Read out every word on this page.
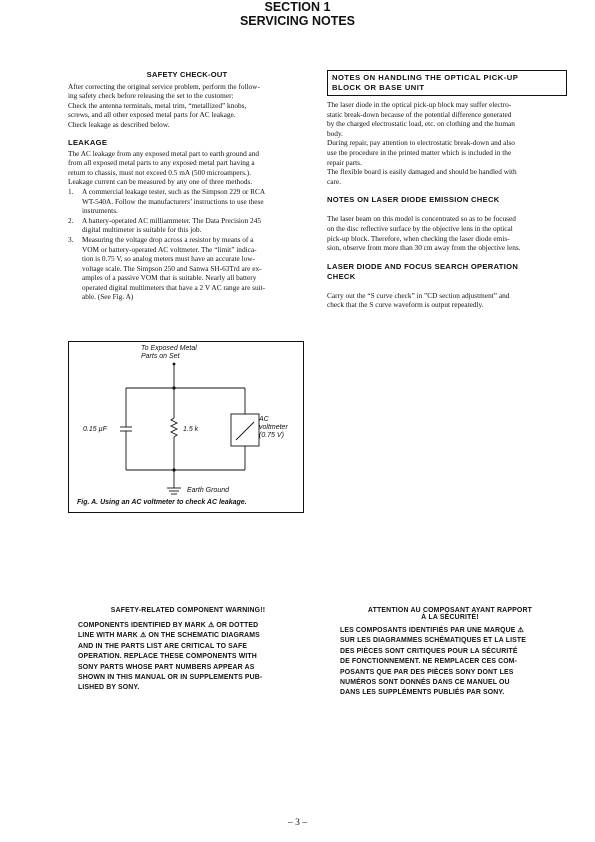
SECTION 1
SERVICING NOTES
SAFETY CHECK-OUT

After correcting the original service problem, perform the follow-

ing safety check before releasing the set to the customer:

Check the antenna terminals, metal trim, “metallized” knobs,

screws, and all other exposed metal parts for AC leakage.

Check leakage as described below.

LEAKAGE

The AC leakage from any exposed metal part to earth ground and

from all exposed metal parts to any exposed metal part having a

return to chassis, must not exceed 0.5 mA (500 microampers.).

Leakage current can be measured by any one of three methods.

1. A commercial leakage tester, such as the Simpson 229 or RCA
WT-540A. Follow the manufacturers’ instructions to use these
instruments.
2. A battery-operated AC milliammeter. The Data Precision 245
digital multimeter is suitable for this job.
3. Measuring the voltage drop across a resistor by means of a
VOM or battery-operated AC voltmeter. The “limit” indica-
tion is 0.75 V, so analog meters must have an accurate low-
voltage scale. The Simpson 250 and Sanwa SH-63Trd are ex-
amples of a passive VOM that is suitable. Nearly all battery
operated digital multimeters that have a 2 V AC range are suit-
able. (See Fig. A)
To Exposed Metal
Parts on Set
0.15 µF	1.5 k
AC
voltmeter
(0.75 V)
Earth Ground
Fig. A. Using an AC voltmeter to check AC leakage.
NOTES ON HANDLING THE OPTICAL PICK-UP
BLOCK OR BASE UNIT

The laser diode in the optical pick-up block may suffer electro-

static break-down because of the potential difference generated

by the charged electrostatic load, etc. on clothing and the human

body.

During repair, pay attention to electrostatic break-down and also

use the procedure in the printed matter which is included in the

repair parts.

The flexible board is easily damaged and should be handled with

care.

NOTES ON LASER DIODE EMISSION CHECK

The laser beam on this model is concentrated so as to be focused

on the disc reflective surface by the objective lens in the optical

pick-up block. Therefore, when checking the laser diode emis-

sion, observe from more than 30 cm away from the objective lens.

LASER DIODE AND FOCUS SEARCH OPERATION
CHECK

Carry out the “S curve check” in ”CD section adjustment” and

check that the S curve waveform is output repeatedly.

SAFETY-RELATED COMPONENT WARNING!!
COMPONENTS IDENTIFIED BY MARK ⚠ OR DOTTED
LINE WITH MARK ⚠ ON THE SCHEMATIC DIAGRAMS
AND IN THE PARTS LIST ARE CRITICAL TO SAFE
OPERATION. REPLACE THESE COMPONENTS WITH
SONY PARTS WHOSE PART NUMBERS APPEAR AS
SHOWN IN THIS MANUAL OR IN SUPPLEMENTS PUB-
LISHED BY SONY.
ATTENTION AU COMPOSANT AYANT RAPPORT
À LA SÉCURITÉ!
LES COMPOSANTS IDENTIFIÉS PAR UNE MARQUE ⚠
SUR LES DIAGRAMMES SCHÉMATIQUES ET LA LISTE
DES PIÈCES SONT CRITIQUES POUR LA SÉCURITÉ
DE FONCTIONNEMENT. NE REMPLACER CES COM-
POSANTS QUE PAR DES PIÈCES SONY DONT LES
NUMÉROS SONT DONNÉS DANS CE MANUEL OU
DANS LES SUPPLÉMENTS PUBLIÉS PAR SONY.
– 3 –
